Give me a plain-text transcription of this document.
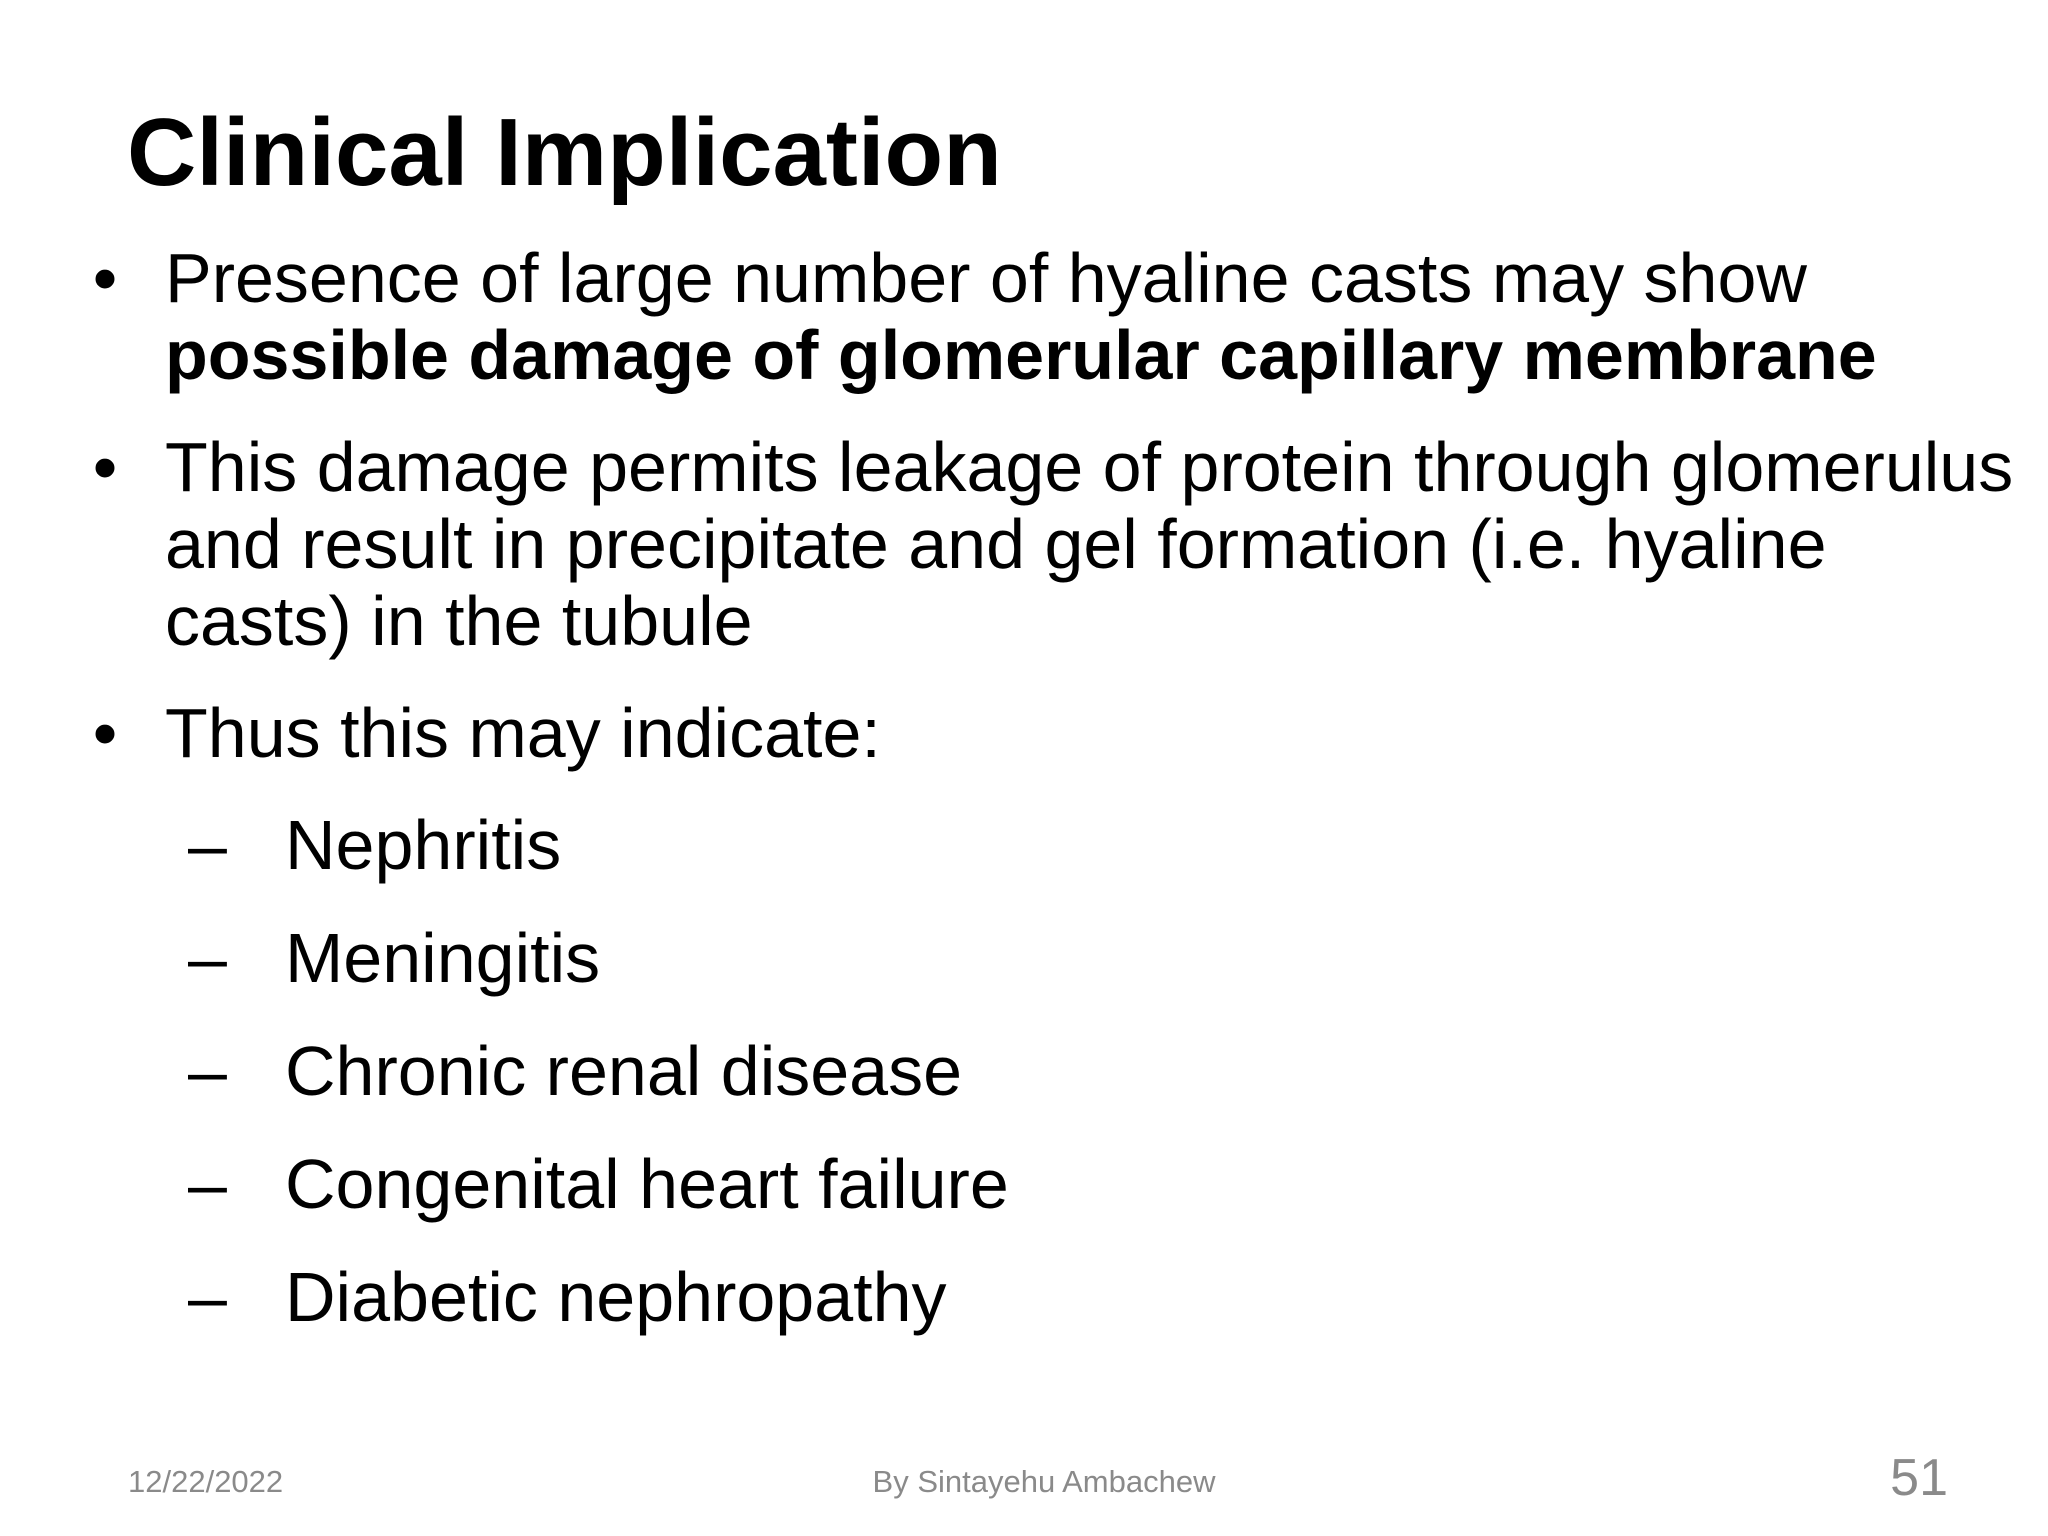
Clinical Implication
• Presence of large number of hyaline casts may show possible damage of glomerular capillary membrane
• This damage permits leakage of protein through glomerulus and result in precipitate and gel formation (i.e. hyaline casts) in the tubule
• Thus this may indicate:
– Nephritis
– Meningitis
– Chronic renal disease
– Congenital heart failure
– Diabetic nephropathy
12/22/2022	By Sintayehu Ambachew	51
